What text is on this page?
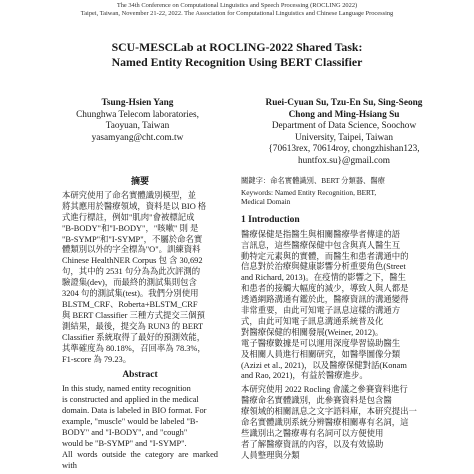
The 34th Conference on Computational Linguistics and Speech Processing (ROCLING 2022)
Taipei, Taiwan, November 21-22, 2022. The Association for Computational Linguistics and Chinese Language Processing
SCU-MESCLab at ROCLING-2022 Shared Task:
Named Entity Recognition Using BERT Classifier
Tsung-Hsien Yang
Chunghwa Telecom laboratories,
Taoyuan, Taiwan
yasamyang@cht.com.tw
Ruei-Cyuan Su, Tzu-En Su, Sing-Seong
Chong and Ming-Hsiang Su
Department of Data Science, Soochow
University, Taipei, Taiwan
{70613rex, 70614roy, chongzhishan123,
huntfox.su}@gmail.com
摘要

本研究使用了命名實體識別模型，並

將其應用於醫療領域，資料是以 BIO 格

式進行標註，例如"肌肉"會被標記成

"B-BODY"和"I-BODY"，"咳嗽" 則 是

"B-SYMP"和"I-SYMP"，不屬於命名實

體類別以外的字全標為"O"。訓練資料

Chinese HealthNER Corpus 包 含 30,692

句，其中的 2531 句分為為此次評測的

驗證集(dev)，而最終的測試集則包含

3204 句的測試集(test)。我們分別使用

BLSTM_CRF、Roberta+BLSTM_CRF

與 BERT Classifier 三種方式提交三個預

測結果，最後，提交為 RUN3 的 BERT

Classifier 系統取得了最好的預測效能，

其準確度為 80.18%，召回率為 78.3%，

F1-score 為 79.23。

Abstract

In this study, named entity recognition

is constructed and applied in the medical

domain. Data is labeled in BIO format. For

example, "muscle" would be labeled "B-

BODY" and "I-BODY", and "cough"

would be "B-SYMP" and "I-SYMP".

All words outside the category are marked with

關鍵字：命名實體識別、BERT 分類器、醫療
Keywords: Named Entity Recognition, BERT,
Medical Domain
1 Introduction

醫療保健是指醫生與相關醫療學者傳達的語

言訊息，這些醫療保健中包含與真人醫生互

動特定元素與的實體，而醫生和患者溝通中的

信息對於治療與健康影響分析重要角色(Street

and Richard, 2013)。在疫情的影響之下，醫生

和患者的接觸大幅度的減少，導致人與人都是

透過網路溝通有鑑於此，醫療資訊的溝通變得

非常重要，由此可知電子訊息這樣的溝通方

式，由此可知電子訊息溝通系統普及化

對醫療保健的相關發展(Weiner, 2012)。

電子醫療數據是可以運用深度學習協助醫生

及相關人員進行相關研究，如醫學圖像分類

(Azizi et al., 2021)，以及醫療保健對話(Konam

and Rao, 2021)，有益於醫療進步。

本研究使用 2022 Rocling 會議之參賽資料進行

醫療命名實體識別，此參賽資料是包含醫

療領域的相關訊息之文字語料庫，本研究提出一

命名實體識別系統分辨醫療相關專有名詞，這

些識別出之醫療專有名詞可以方便使用

者了解醫療資訊的內容，以及有效協助

人員整理與分類
